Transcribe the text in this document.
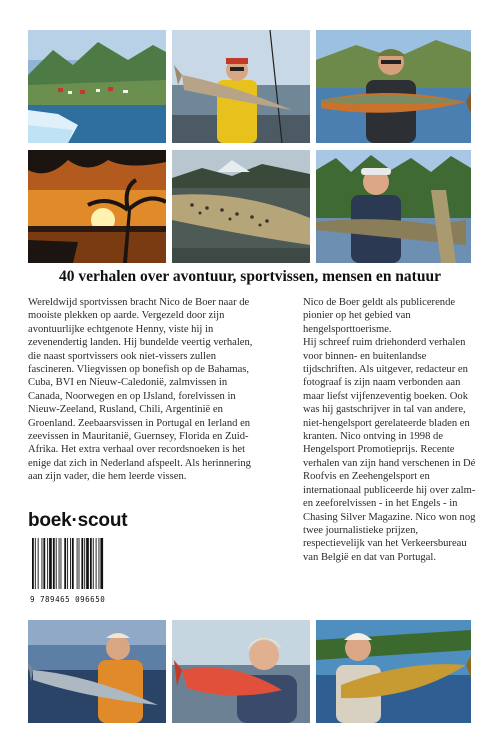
40 verhalen over avontuur, sportvissen, mensen en natuur

Wereldwijd sportvissen bracht Nico de Boer naar de mooiste plekken op aarde. Vergezeld door zijn avontuurlijke echtgenote Henny, viste hij in zevenendertig landen. Hij bundelde veertig verhalen, die naast sportvissers ook niet-vissers zullen fascineren. Vliegvissen op bonefish op de Bahamas, Cuba, BVI en Nieuw-Caledonië, zalmvissen in Canada, Noorwegen en op IJsland, forelvissen in Nieuw-Zeeland, Rusland, Chili, Argentinië en Groenland. Zeebaarsvissen in Portugal en Ierland en zeevissen in Mauritanië, Guernsey, Florida en Zuid-Afrika. Het extra verhaal over recordsnoeken is het enige dat zich in Nederland afspeelt. Als herinnering aan zijn vader, die hem leerde vissen.

Nico de Boer geldt als publicerende pionier op het gebied van hengelsporttoerisme.

Hij schreef ruim driehonderd verhalen voor binnen- en buitenlandse tijdschriften. Als uitgever, redacteur en fotograaf is zijn naam verbonden aan maar liefst vijfenzeventig boeken. Ook was hij gastschrijver in tal van andere, niet-hengelsport gerelateerde bladen en kranten. Nico ontving in 1998 de Hengelsport Promotieprijs. Recente verhalen van zijn hand verschenen in Dé Roofvis en Zeehengelsport en internationaal publiceerde hij over zalm- en zeeforelvissen - in het Engels - in Chasing Silver Magazine. Nico won nog twee journalistieke prijzen, respectievelijk van het Verkeersbureau van België en dat van Portugal.

boek·scout
9 789465 096650
